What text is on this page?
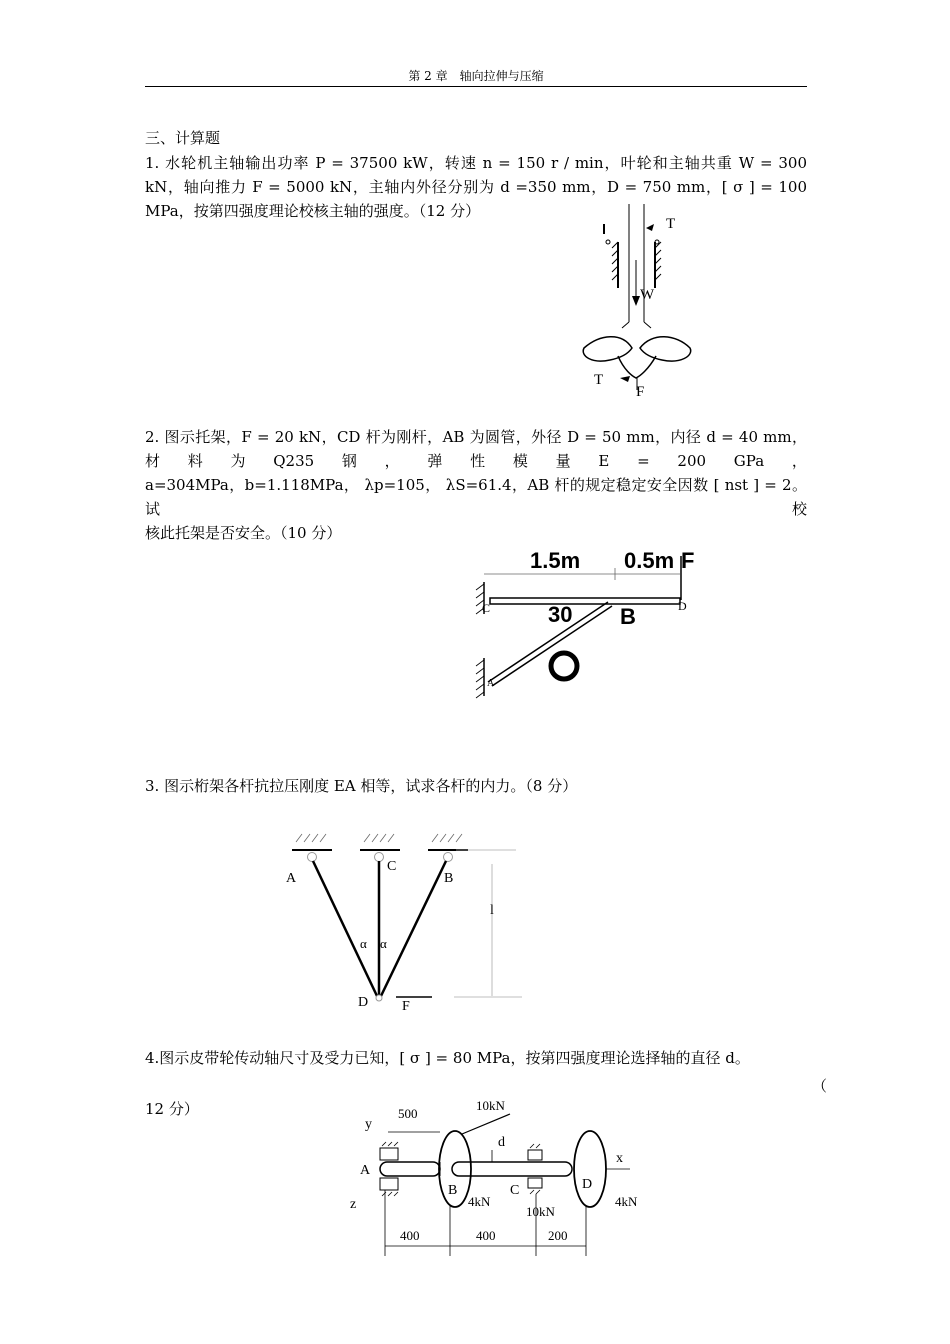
第 2 章　轴向拉伸与压缩
三、计算题
1. 水轮机主轴输出功率 P = 37500 kW，转速 n = 150 r / min，叶轮和主轴共重 W = 300
kN，轴向推力 F = 5000 kN，主轴内外径分别为 d =350 mm，D = 750 mm，[ σ ] = 100
MPa，按第四强度理论校核主轴的强度。（12 分）
T
W
T
F
2. 图示托架，F = 20 kN，CD 杆为刚杆，AB 为圆管，外径 D = 50 mm，内径 d = 40 mm，
材 料 为 Q235 钢 ， 弹 性 模 量 E = 200 GPa ，
a=304MPa，b=1.118MPa， λp=105， λS=61.4，AB 杆的规定稳定安全因数 [ nst ] = 2。试校
核此托架是否安全。（10 分）
1.5m 0.5m F
C	D
A
30 B
3. 图示桁架各杆抗拉压刚度 EA 相等，试求各杆的内力。（8 分）
l
A
C
B
α α
D F
4.图示皮带轮传动轴尺寸及受力已知，[ σ ] = 80 MPa，按第四强度理论选择轴的直径 d。
（
12 分）
y
A
z
x
500
B
10kN
4kN
d
C
10kN
D
4kN
400	400	200
